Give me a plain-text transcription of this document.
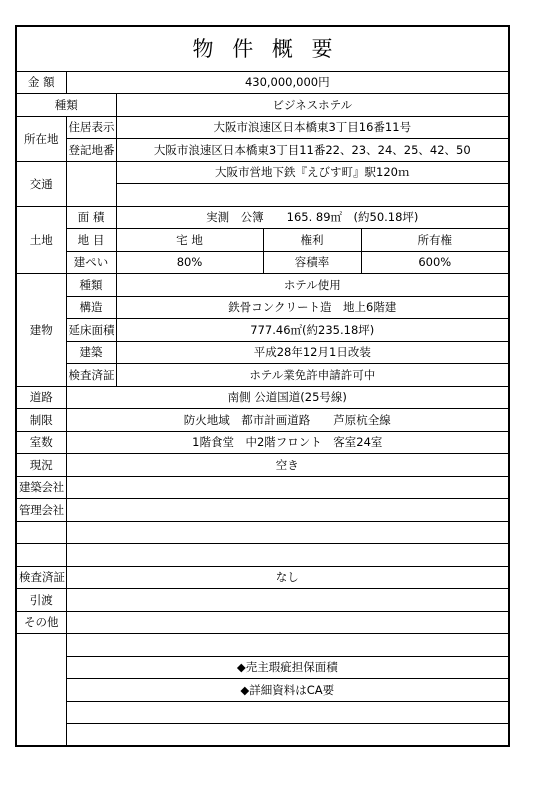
物 件 概 要				
金 額	430,000,000円			
種類		ビジネスホテル		
所在地	住居表示	大阪市浪速区日本橋東3丁目16番11号		
	登記地番	大阪市浪速区日本橋東3丁目11番22、23、24、25、42、50		
交通		大阪市営地下鉄『えびす町』駅120ｍ		

土地	面 積	実測　公簿　　165. 89㎡　(約50.18坪)		
	地 目	宅 地	権利	所有権
	建ぺい	80%	容積率	600%
建物	種類	ホテル使用		
	構造	鉄骨コンクリート造　地上6階建		
	延床面積	777.46㎡(約235.18坪)		
	建築	平成28年12月1日改装		
	検査済証	ホテル業免許申請許可中		
道路	南側 公道国道(25号線)			
制限	防火地域　都市計画道路　　芦原杭全線			
室数	1階食堂　中2階フロント　客室24室			
現況	空き			
建築会社				
管理会社				

検査済証	なし			
引渡				
その他				

	◆売主瑕疵担保面積			
	◆詳細資料はCA要			
